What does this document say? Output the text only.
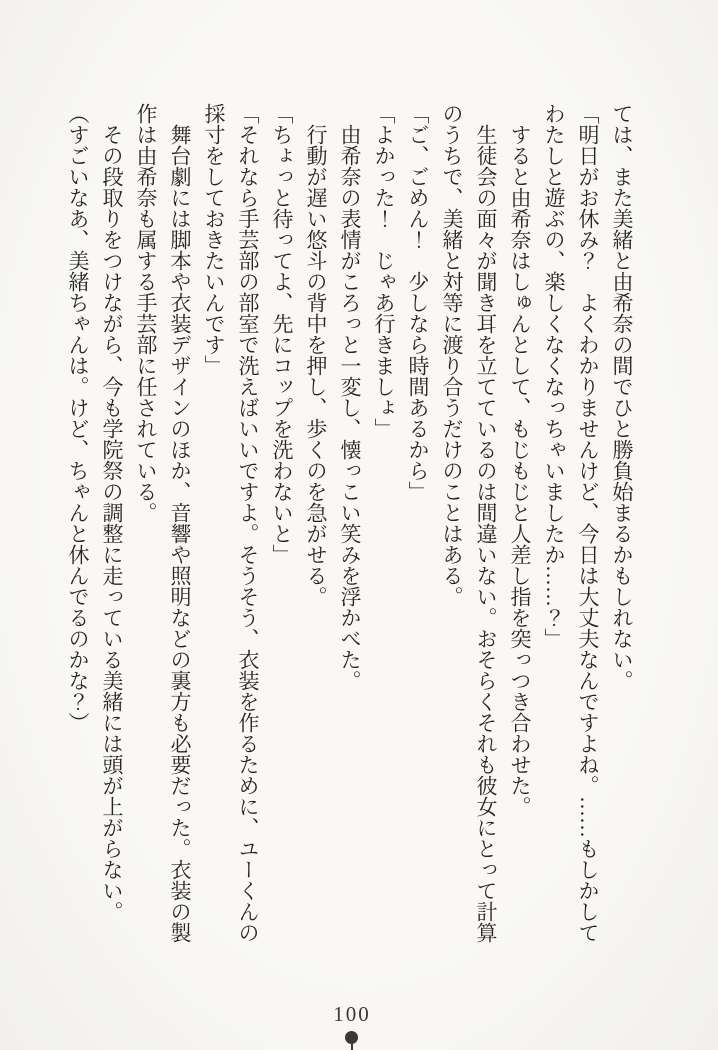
ては、また美緒と由希奈の間でひと勝負始まるかもしれない。
「明日がお休み？　よくわかりませんけど、今日は大丈夫なんですよね。……もしかして
わたしと遊ぶの、楽しくなくなっちゃいましたか……？」
　すると由希奈はしゅんとして、もじもじと人差し指を突っつき合わせた。
　生徒会の面々が聞き耳を立てているのは間違いない。おそらくそれも彼女にとって計算
のうちで、美緒と対等に渡り合うだけのことはある。
「ご、ごめん！　少しなら時間あるから」
「よかった！　じゃあ行きましょ」
　由希奈の表情がころっと一変し、懐っこい笑みを浮かべた。
　行動が遅い悠斗の背中を押し、歩くのを急がせる。
「ちょっと待ってよ、先にコップを洗わないと」
「それなら手芸部の部室で洗えばいいですよ。そうそう、衣装を作るために、ユーくんの
採寸をしておきたいんです」
　舞台劇には脚本や衣装デザインのほか、音響や照明などの裏方も必要だった。衣装の製
作は由希奈も属する手芸部に任されている。
　その段取りをつけながら、今も学院祭の調整に走っている美緒には頭が上がらない。
（すごいなあ、美緒ちゃんは。けど、ちゃんと休んでるのかな？）
100
